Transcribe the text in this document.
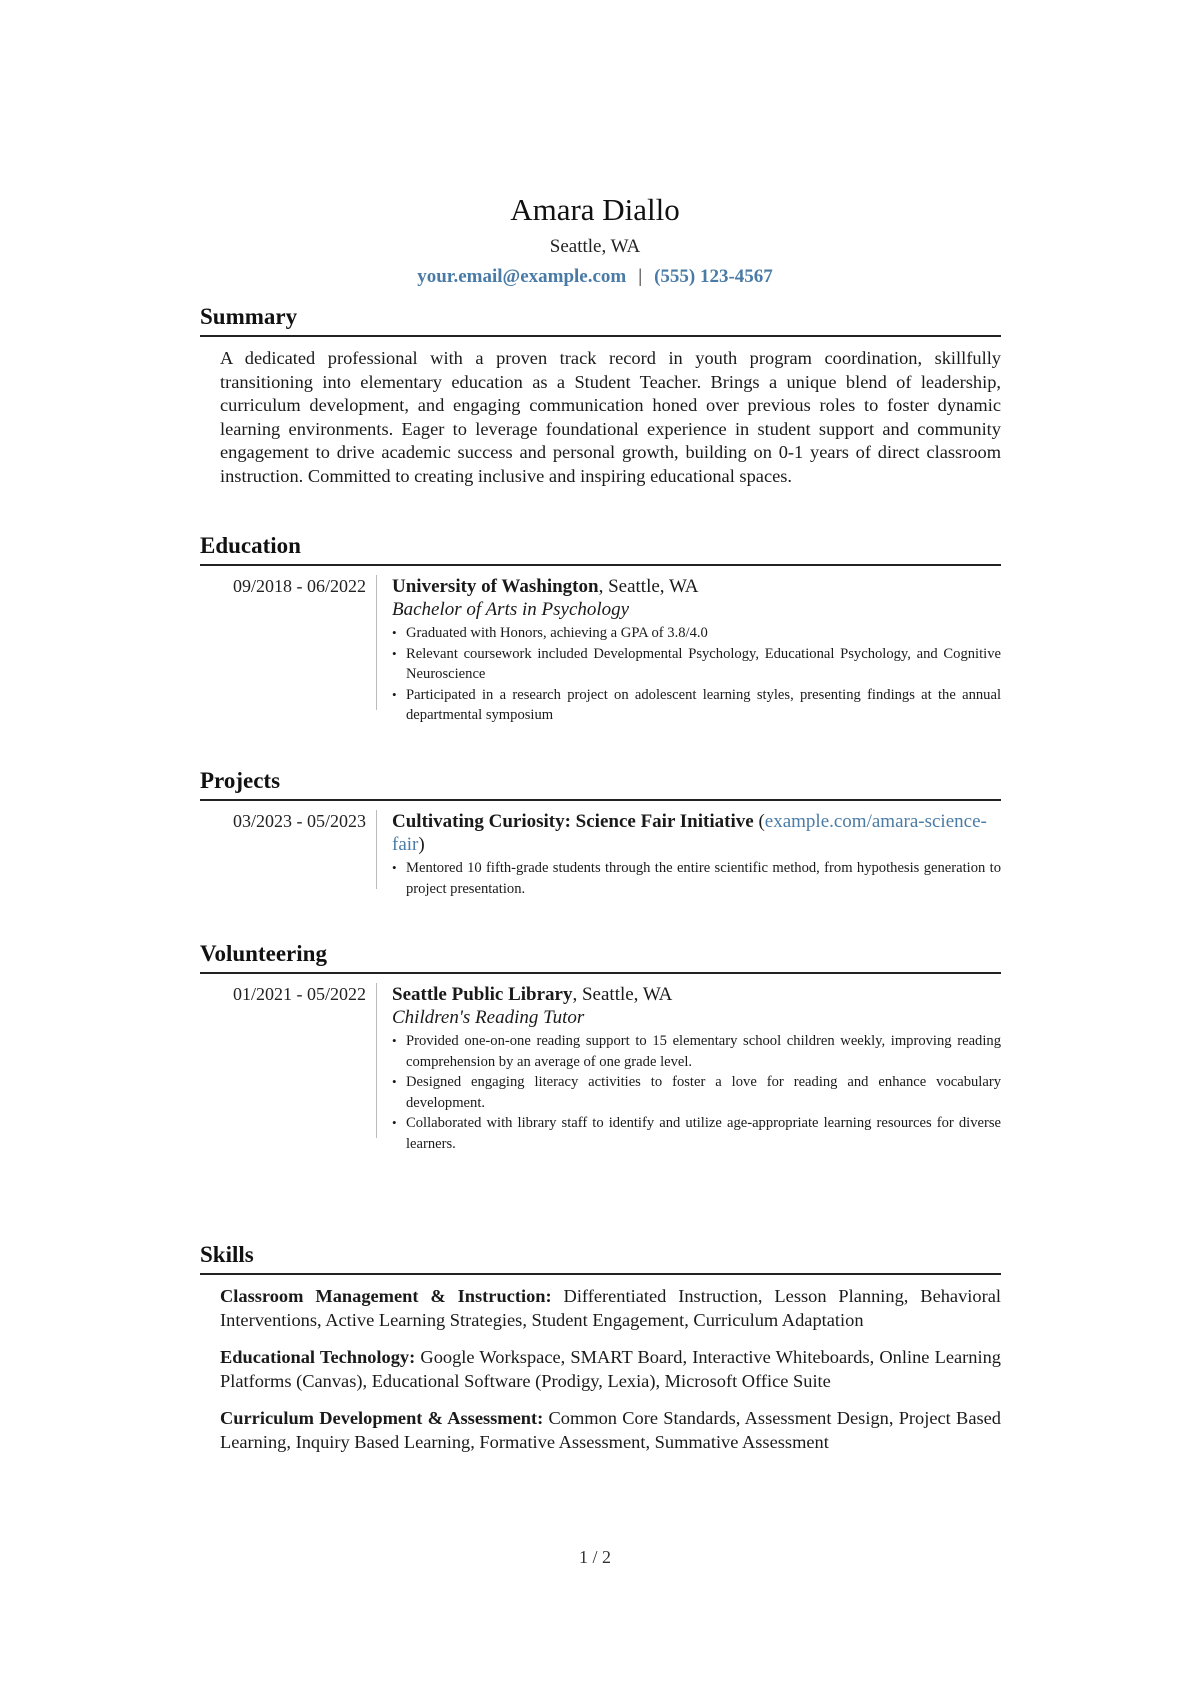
Amara Diallo
Seattle, WA
your.email@example.com | (555) 123-4567
Summary

A dedicated professional with a proven track record in youth program coordination, skillfully transitioning into elementary education as a Student Teacher. Brings a unique blend of leadership, curriculum development, and engaging communication honed over previous roles to foster dynamic learning environments. Eager to leverage foundational experience in student support and community engagement to drive academic success and personal growth, building on 0-1 years of direct classroom instruction. Committed to creating inclusive and inspiring educational spaces.

Education
09/2018 - 06/2022	University of Washington, Seattle, WA
Bachelor of Arts in Psychology
• Graduated with Honors, achieving a GPA of 3.8/4.0
• Relevant coursework included Developmental Psychology, Educational Psychology, and Cognitive Neuroscience
• Participated in a research project on adolescent learning styles, presenting findings at the annual departmental symposium
Projects
03/2023 - 05/2023	Cultivating Curiosity: Science Fair Initiative (example.com/amara-science-fair)
• Mentored 10 fifth-grade students through the entire scientific method, from hypothesis generation to project presentation.
Volunteering
01/2021 - 05/2022	Seattle Public Library, Seattle, WA
Children's Reading Tutor
• Provided one-on-one reading support to 15 elementary school children weekly, improving reading comprehension by an average of one grade level.
• Designed engaging literacy activities to foster a love for reading and enhance vocabulary development.
• Collaborated with library staff to identify and utilize age-appropriate learning resources for diverse learners.
Skills

Classroom Management & Instruction: Differentiated Instruction, Lesson Planning, Behavioral Interventions, Active Learning Strategies, Student Engagement, Curriculum Adaptation

Educational Technology: Google Workspace, SMART Board, Interactive Whiteboards, Online Learning Platforms (Canvas), Educational Software (Prodigy, Lexia), Microsoft Office Suite

Curriculum Development & Assessment: Common Core Standards, Assessment Design, Project Based Learning, Inquiry Based Learning, Formative Assessment, Summative Assessment

1 / 2
